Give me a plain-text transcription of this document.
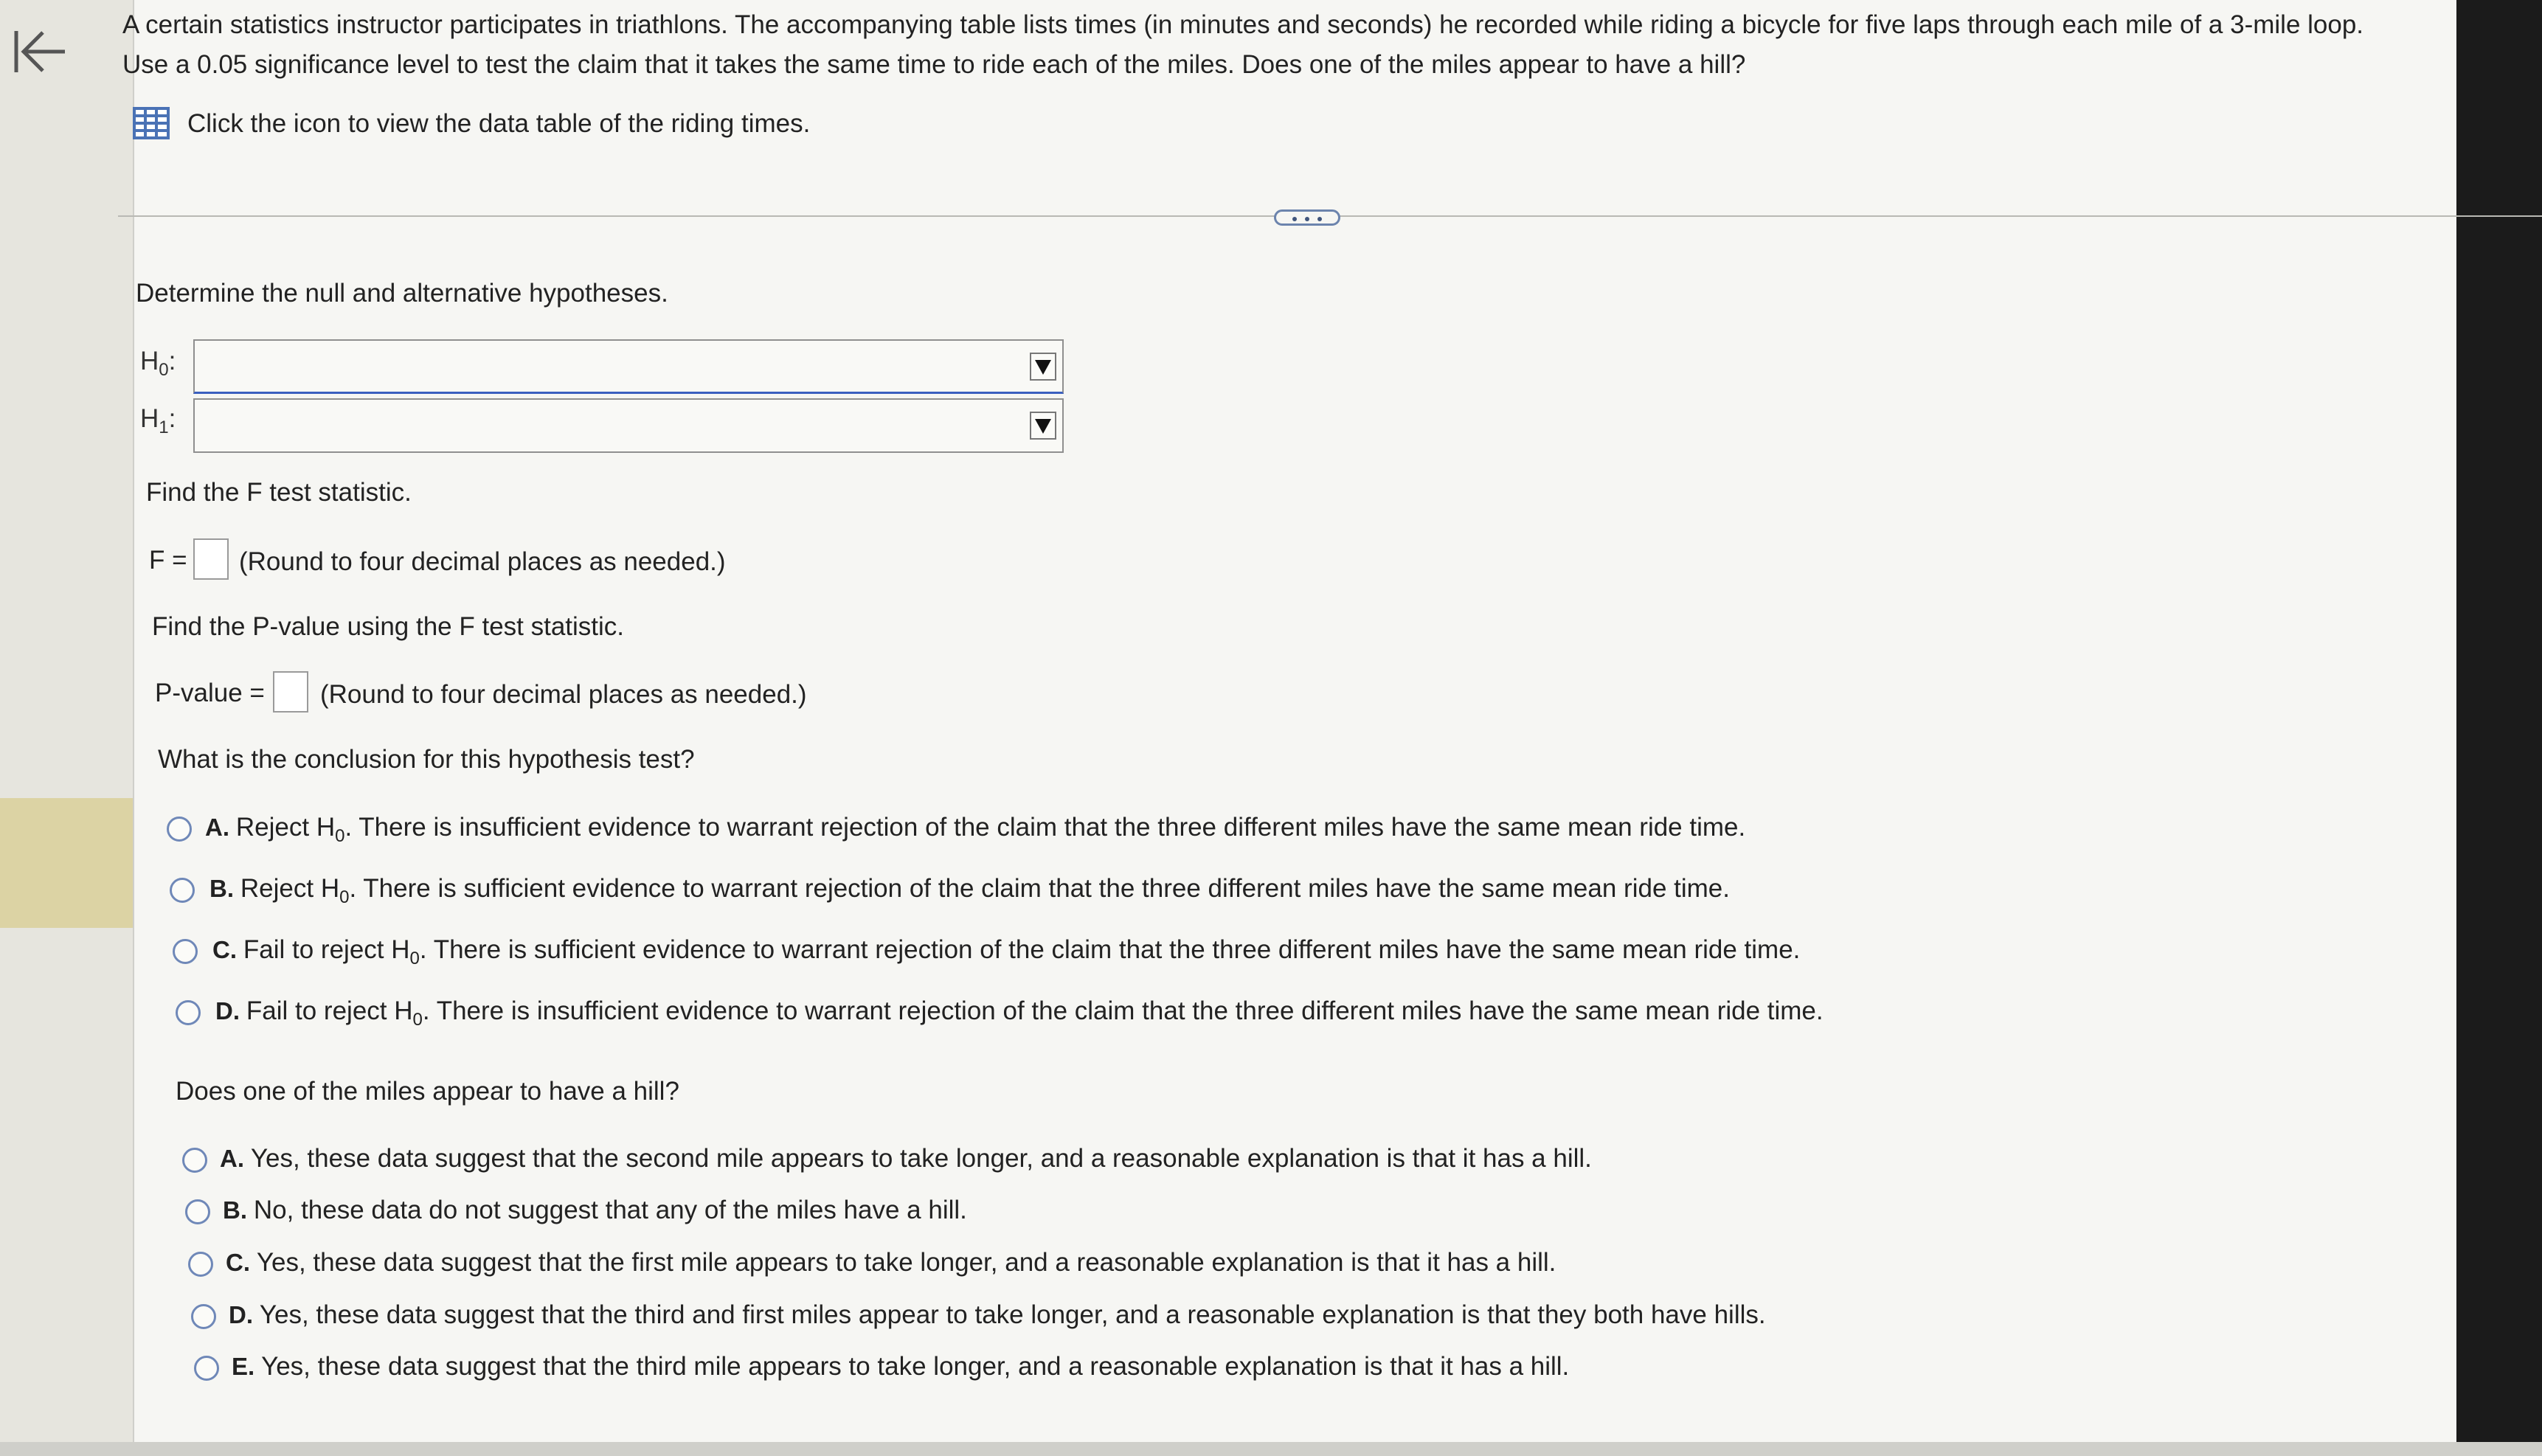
A certain statistics instructor participates in triathlons. The accompanying table lists times (in minutes and seconds) he recorded while riding a bicycle for five laps through each mile of a 3-mile loop.
Use a 0.05 significance level to test the claim that it takes the same time to ride each of the miles. Does one of the miles appear to have a hill?
Click the icon to view the data table of the riding times.
Determine the null and alternative hypotheses.
$H_0$:
$H_1$:
Find the F test statistic.
F = (Round to four decimal places as needed.)
Find the P-value using the F test statistic.
P-value = (Round to four decimal places as needed.)
What is the conclusion for this hypothesis test?
A. Reject H0. There is insufficient evidence to warrant rejection of the claim that the three different miles have the same mean ride time.
B. Reject H0. There is sufficient evidence to warrant rejection of the claim that the three different miles have the same mean ride time.
C. Fail to reject H0. There is sufficient evidence to warrant rejection of the claim that the three different miles have the same mean ride time.
D. Fail to reject H0. There is insufficient evidence to warrant rejection of the claim that the three different miles have the same mean ride time.
Does one of the miles appear to have a hill?
A. Yes, these data suggest that the second mile appears to take longer, and a reasonable explanation is that it has a hill.
B. No, these data do not suggest that any of the miles have a hill.
C. Yes, these data suggest that the first mile appears to take longer, and a reasonable explanation is that it has a hill.
D. Yes, these data suggest that the third and first miles appear to take longer, and a reasonable explanation is that they both have hills.
E. Yes, these data suggest that the third mile appears to take longer, and a reasonable explanation is that it has a hill.
